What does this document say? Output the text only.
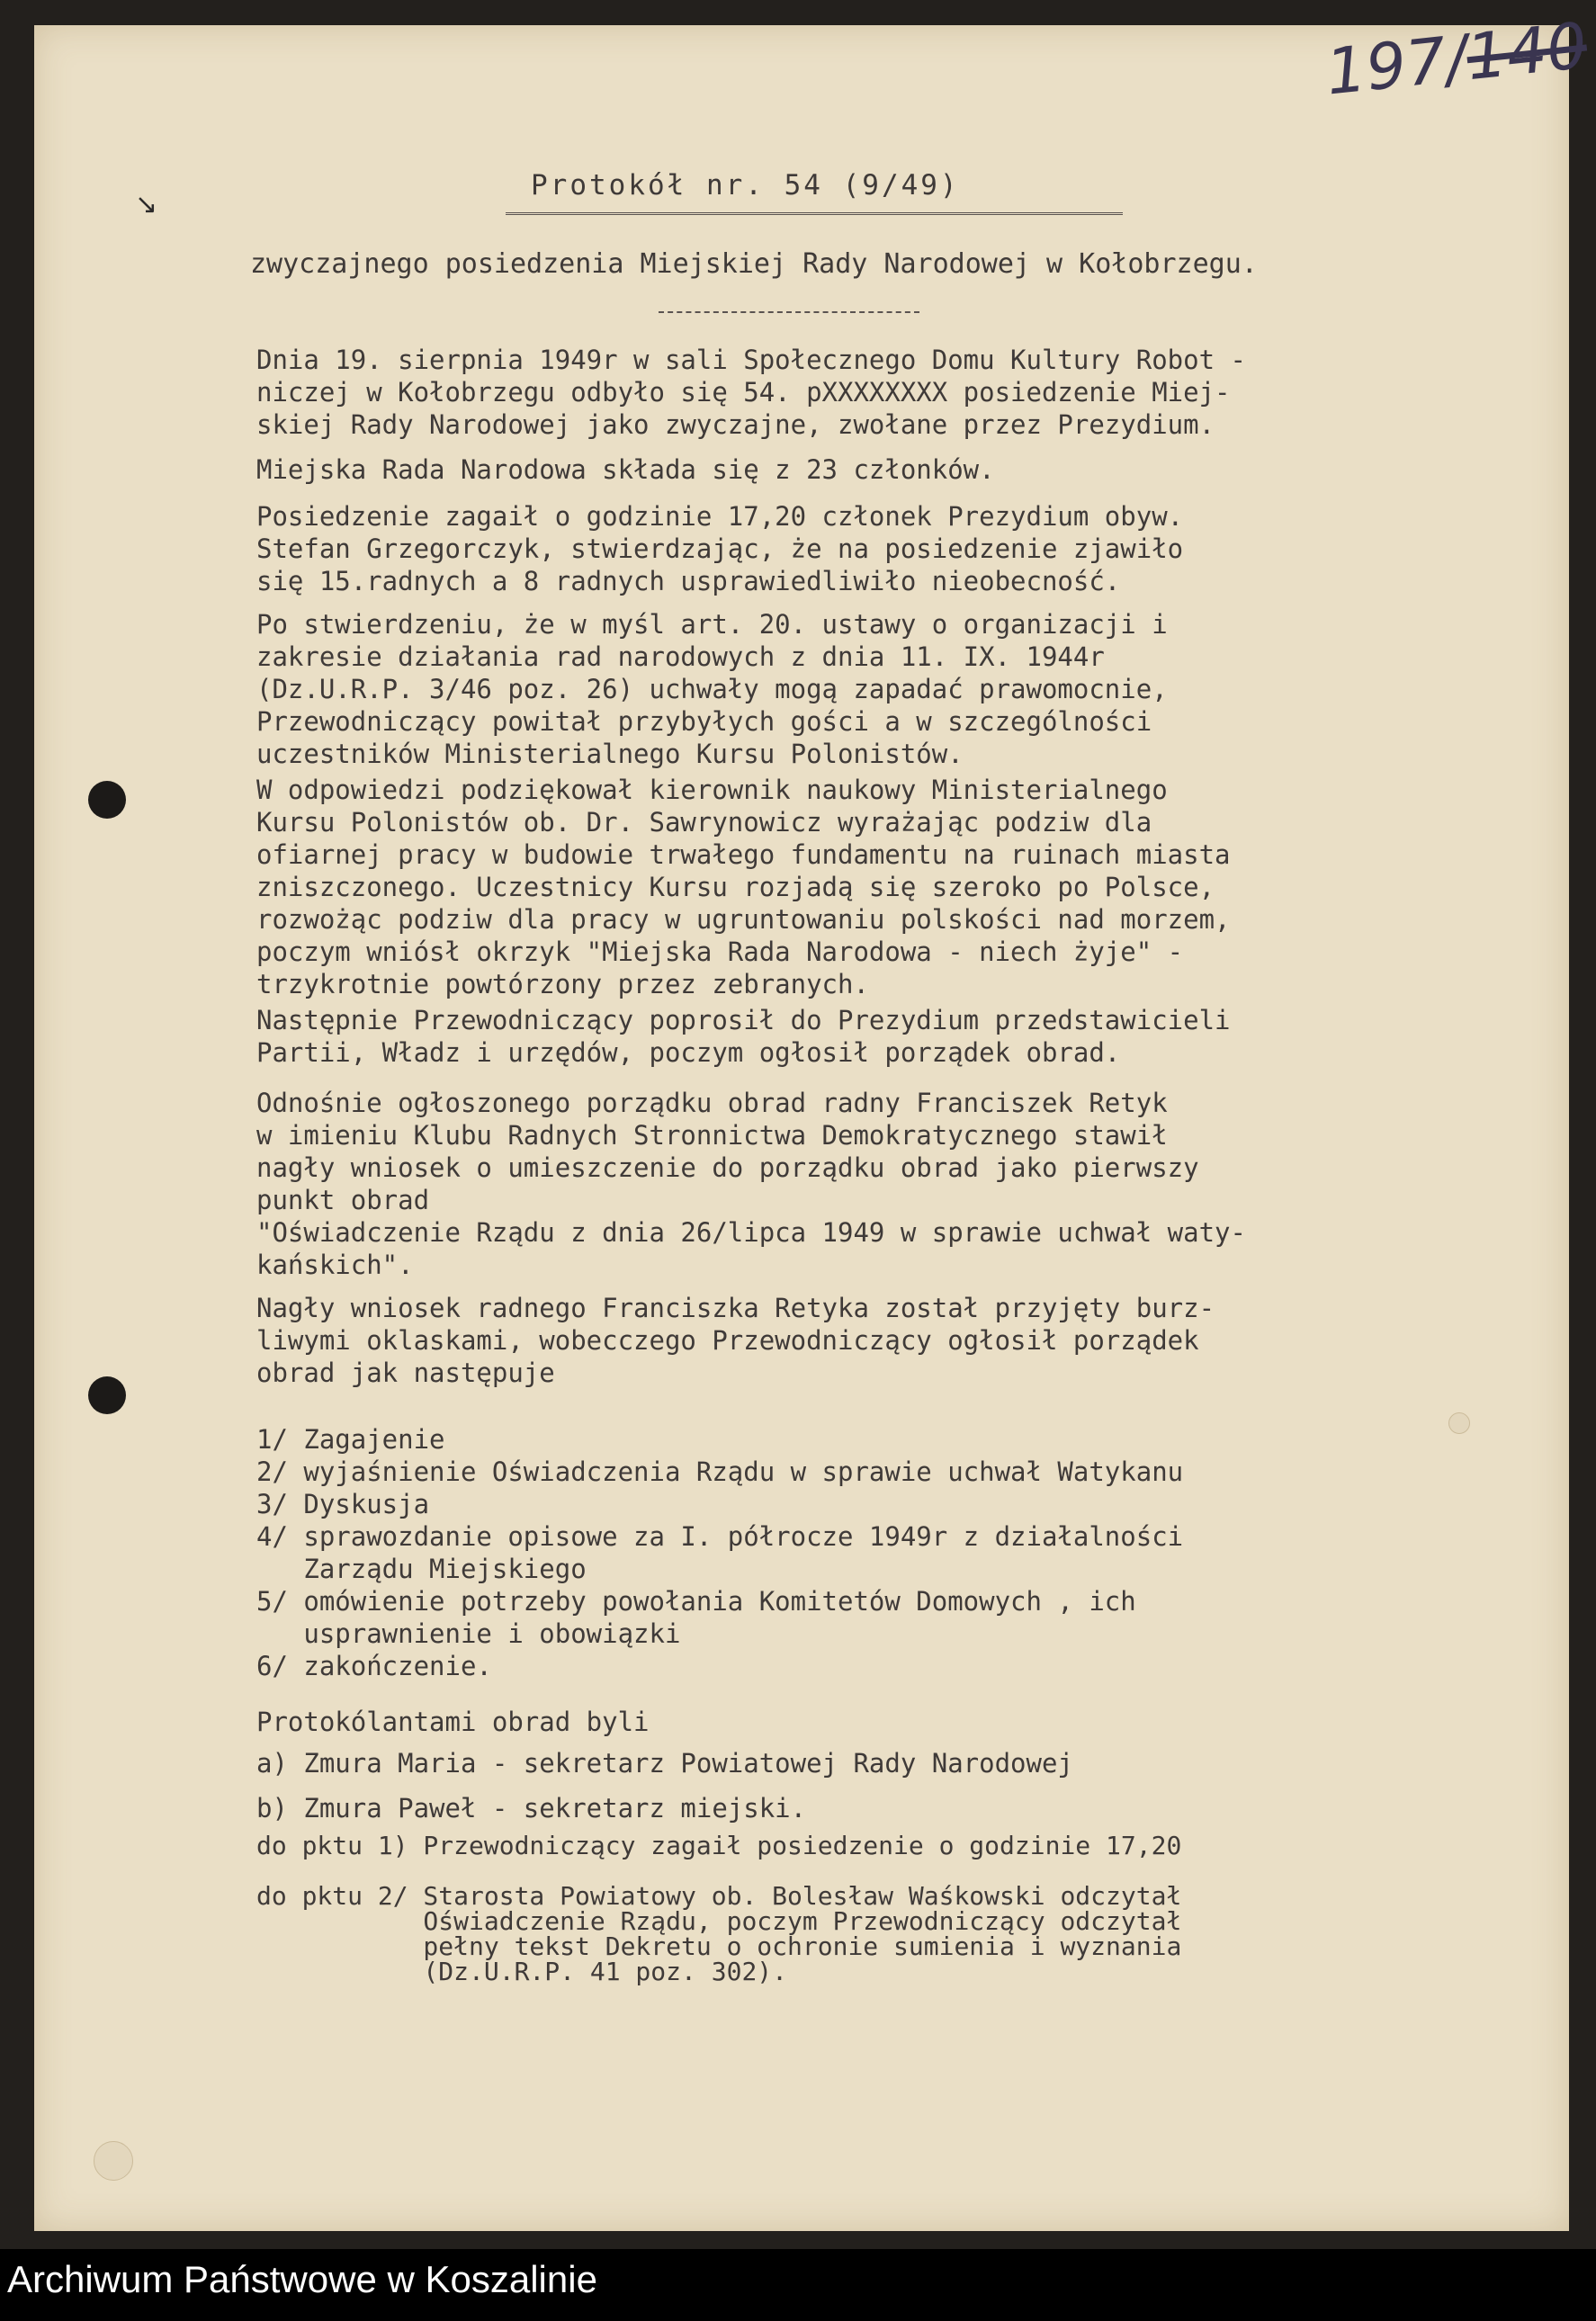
↘
197/140
Protokół nr. 54 (9/49)
zwyczajnego posiedzenia Miejskiej Rady Narodowej w Kołobrzegu.

Dnia 19. sierpnia 1949r w sali Społecznego Domu Kultury Robot -
niczej w Kołobrzegu odbyło się 54. pXXXXXXXX posiedzenie Miej-
skiej Rady Narodowej jako zwyczajne, zwołane przez Prezydium.

Miejska Rada Narodowa składa się z 23 członków.

Posiedzenie zagaił o godzinie 17,20 członek Prezydium obyw.
Stefan Grzegorczyk, stwierdzając, że na posiedzenie zjawiło
się 15.radnych a 8 radnych usprawiedliwiło nieobecność.

Po stwierdzeniu, że w myśl art. 20. ustawy o organizacji i
zakresie działania rad narodowych z dnia 11. IX. 1944r
(Dz.U.R.P. 3/46 poz. 26) uchwały mogą zapadać prawomocnie,
Przewodniczący powitał przybyłych gości a w szczególności
uczestników Ministerialnego Kursu Polonistów.

W odpowiedzi podziękował kierownik naukowy Ministerialnego
Kursu Polonistów ob. Dr. Sawrynowicz wyrażając podziw dla
ofiarnej pracy w budowie trwałego fundamentu na ruinach miasta
zniszczonego. Uczestnicy Kursu rozjadą się szeroko po Polsce,
rozwożąc podziw dla pracy w ugruntowaniu polskości nad morzem,
poczym wniósł okrzyk "Miejska Rada Narodowa - niech żyje" -
trzykrotnie powtórzony przez zebranych.

Następnie Przewodniczący poprosił do Prezydium przedstawicieli
Partii, Władz i urzędów, poczym ogłosił porządek obrad.

Odnośnie ogłoszonego porządku obrad radny Franciszek Retyk
w imieniu Klubu Radnych Stronnictwa Demokratycznego stawił
nagły wniosek o umieszczenie do porządku obrad jako pierwszy
punkt obrad
"Oświadczenie Rządu z dnia 26/lipca 1949 w sprawie uchwał waty-
kańskich".

Nagły wniosek radnego Franciszka Retyka został przyjęty burz-
liwymi oklaskami, wobecczego Przewodniczący ogłosił porządek
obrad jak następuje

1/ Zagajenie
2/ wyjaśnienie Oświadczenia Rządu w sprawie uchwał Watykanu
3/ Dyskusja
4/ sprawozdanie opisowe za I. półrocze 1949r z działalności
Zarządu Miejskiego
5/ omówienie potrzeby powołania Komitetów Domowych , ich
usprawnienie i obowiązki
6/ zakończenie.

Protokólantami obrad byli

a) Zmura Maria - sekretarz Powiatowej Rady Narodowej

b) Zmura Paweł - sekretarz miejski.

do pktu 1) Przewodniczący zagaił posiedzenie o godzinie 17,20

do pktu 2/ Starosta Powiatowy ob. Bolesław Waśkowski odczytał
Oświadczenie Rządu, poczym Przewodniczący odczytał
pełny tekst Dekretu o ochronie sumienia i wyznania
(Dz.U.R.P. 41 poz. 302).

Archiwum Państwowe w Koszalinie
